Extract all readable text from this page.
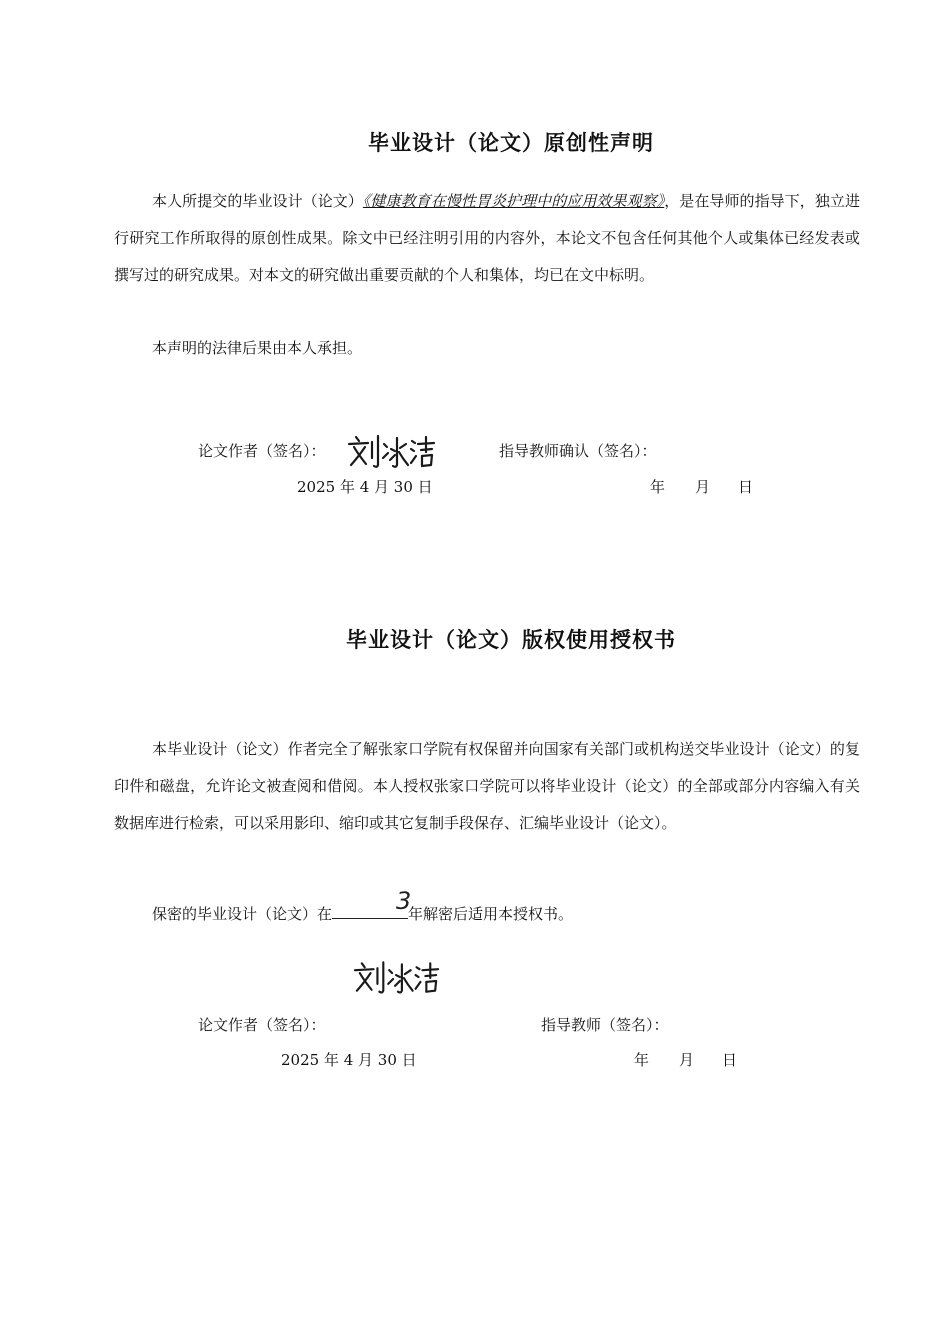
毕业设计（论文）原创性声明

本人所提交的毕业设计（论文）《健康教育在慢性胃炎护理中的应用效果观察》，是在导师的指导下，独立进行研究工作所取得的原创性成果。除文中已经注明引用的内容外，本论文不包含任何其他个人或集体已经发表或撰写过的研究成果。对本文的研究做出重要贡献的个人和集体，均已在文中标明。

本声明的法律后果由本人承担。

论文作者（签名）：	指导教师确认（签名）：
2025 年 4 月 30 日	年 月 日
毕业设计（论文）版权使用授权书

本毕业设计（论文）作者完全了解张家口学院有权保留并向国家有关部门或机构送交毕业设计（论文）的复印件和磁盘，允许论文被查阅和借阅。本人授权张家口学院可以将毕业设计（论文）的全部或部分内容编入有关数据库进行检索，可以采用影印、缩印或其它复制手段保存、汇编毕业设计（论文）。

保密的毕业设计（论文）在	3
年解密后适用本授权书。

论文作者（签名）：	指导教师（签名）：
2025 年 4 月 30 日	年 月 日
